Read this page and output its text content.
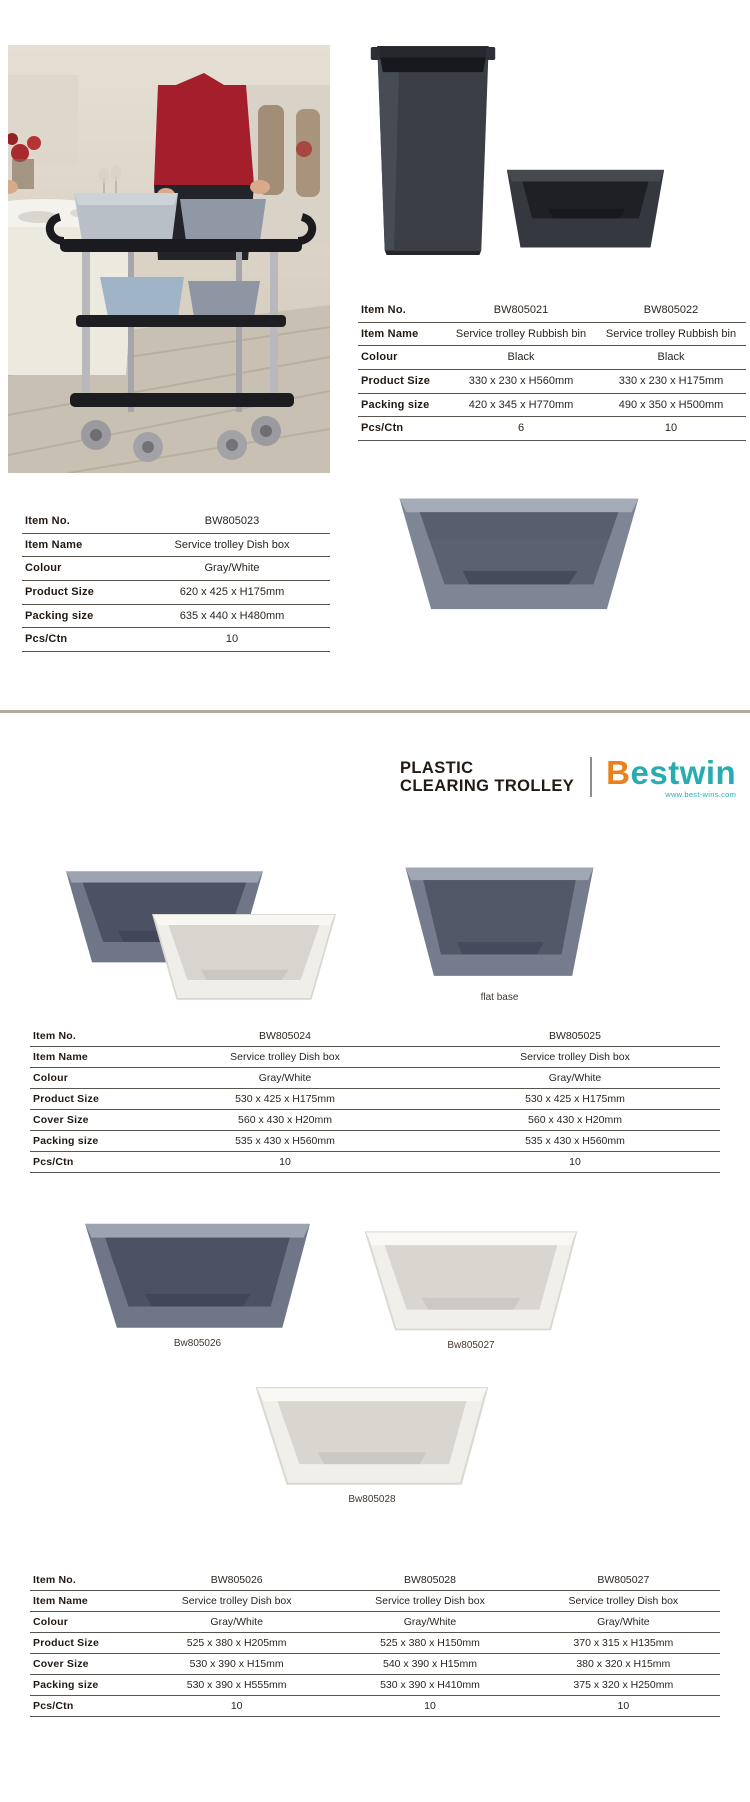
Item No.	BW805021	BW805022
Item Name	Service trolley Rubbish bin	Service trolley Rubbish bin
Colour	Black	Black
Product Size	330 x 230 x H560mm	330 x 230 x H175mm
Packing size	420 x 345 x H770mm	490 x 350 x H500mm
Pcs/Ctn	6	10
Item No.	BW805023
Item Name	Service trolley Dish box
Colour	Gray/White
Product Size	620 x 425 x H175mm
Packing size	635 x 440 x H480mm
Pcs/Ctn	10
PLASTIC
CLEARING TROLLEY Bestwin
www.best-wins.com
flat base
Item No.	BW805024	BW805025
Item Name	Service trolley Dish box	Service trolley Dish box
Colour	Gray/White	Gray/White
Product Size	530 x 425 x H175mm	530 x 425 x H175mm
Cover Size	560 x 430 x H20mm	560 x 430 x H20mm
Packing size	535 x 430 x H560mm	535 x 430 x H560mm
Pcs/Ctn	10	10
Bw805026	Bw805027
Bw805028
Item No.	BW805026	BW805028	BW805027
Item Name	Service trolley Dish box	Service trolley Dish box	Service trolley Dish box
Colour	Gray/White	Gray/White	Gray/White
Product Size	525 x 380 x H205mm	525 x 380 x H150mm	370 x 315 x H135mm
Cover Size	530 x 390 x H15mm	540 x 390 x H15mm	380 x 320 x H15mm
Packing size	530 x 390 x H555mm	530 x 390 x H410mm	375 x 320 x H250mm
Pcs/Ctn	10	10	10
